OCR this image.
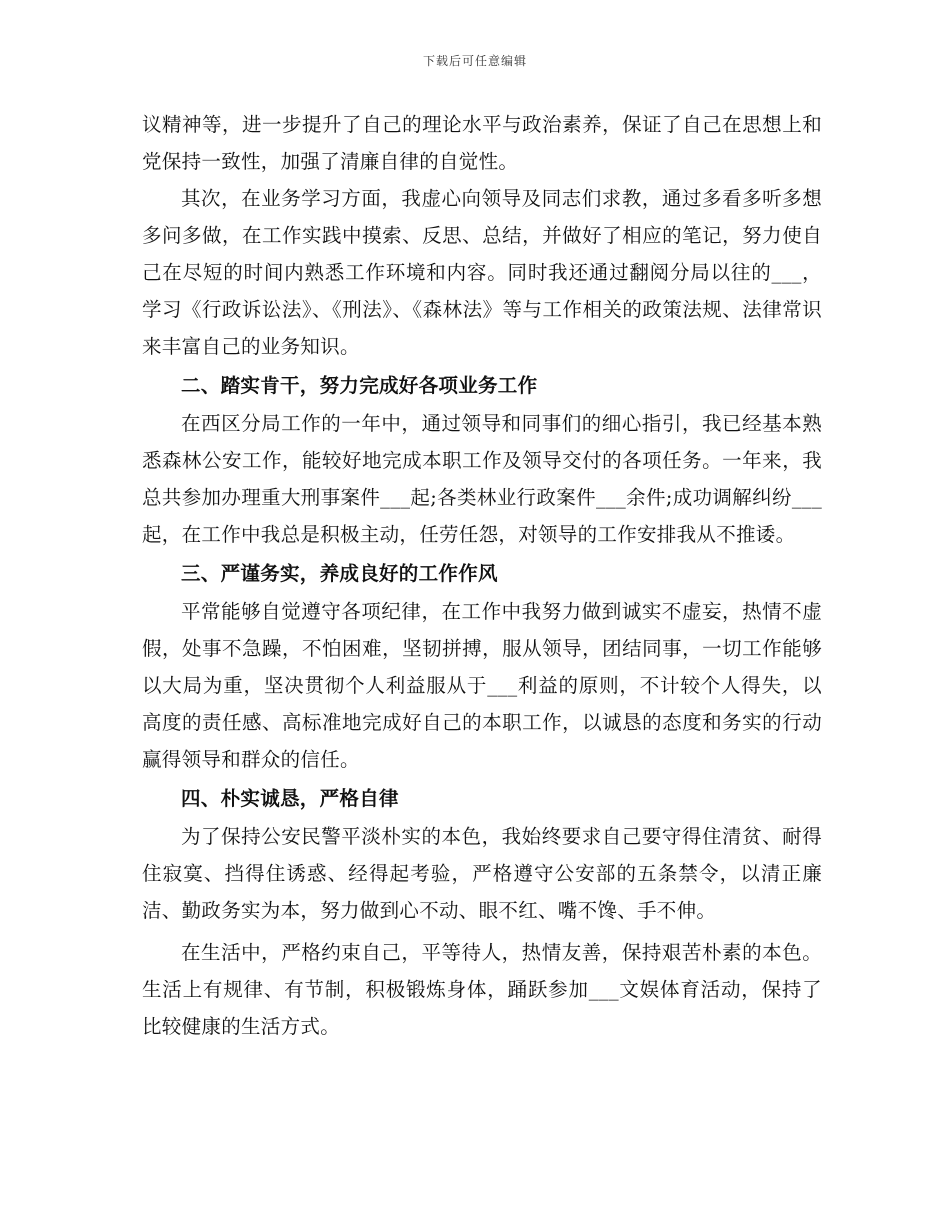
下载后可任意编辑

议精神等，进一步提升了自己的理论水平与政治素养，保证了自己在思想上和党保持一致性，加强了清廉自律的自觉性。

其次，在业务学习方面，我虚心向领导及同志们求教，通过多看多听多想多问多做，在工作实践中摸索、反思、总结，并做好了相应的笔记，努力使自己在尽短的时间内熟悉工作环境和内容。同时我还通过翻阅分局以往的___，学习《行政诉讼法》、《刑法》、《森林法》等与工作相关的政策法规、法律常识来丰富自己的业务知识。

二、踏实肯干，努力完成好各项业务工作

在西区分局工作的一年中，通过领导和同事们的细心指引，我已经基本熟悉森林公安工作，能较好地完成本职工作及领导交付的各项任务。一年来，我总共参加办理重大刑事案件___起;各类林业行政案件___余件;成功调解纠纷___起，在工作中我总是积极主动，任劳任怨，对领导的工作安排我从不推诿。

三、严谨务实，养成良好的工作作风

平常能够自觉遵守各项纪律，在工作中我努力做到诚实不虚妄，热情不虚假，处事不急躁，不怕困难，坚韧拼搏，服从领导，团结同事，一切工作能够以大局为重，坚决贯彻个人利益服从于___利益的原则，不计较个人得失，以高度的责任感、高标准地完成好自己的本职工作，以诚恳的态度和务实的行动赢得领导和群众的信任。

四、朴实诚恳，严格自律

为了保持公安民警平淡朴实的本色，我始终要求自己要守得住清贫、耐得住寂寞、挡得住诱惑、经得起考验，严格遵守公安部的五条禁令，以清正廉洁、勤政务实为本，努力做到心不动、眼不红、嘴不馋、手不伸。

在生活中，严格约束自己，平等待人，热情友善，保持艰苦朴素的本色。生活上有规律、有节制，积极锻炼身体，踊跃参加___文娱体育活动，保持了比较健康的生活方式。
